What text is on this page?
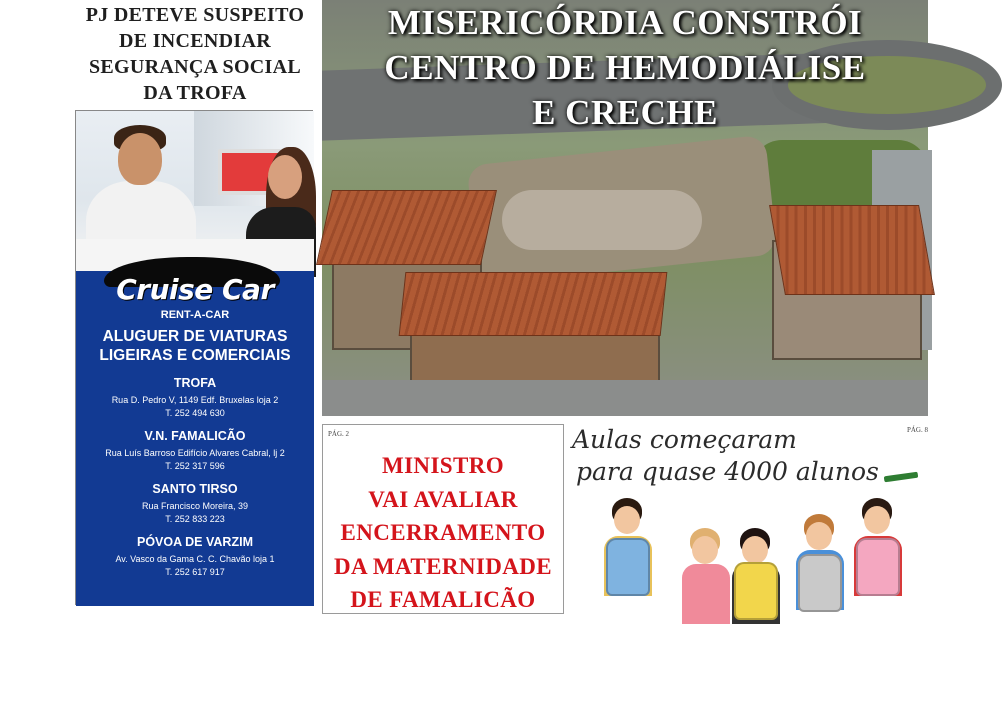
PJ DETEVE SUSPEITO
DE INCENDIAR
SEGURANÇA SOCIAL
DA TROFA
Cruise Car
RENT-A-CAR
ALUGUER DE VIATURAS
LIGEIRAS E COMERCIAIS
TROFA
Rua D. Pedro V, 1149 Edf. Bruxelas loja 2
T. 252 494 630
V.N. FAMALICÃO
Rua Luís Barroso Edifício Alvares Cabral, lj 2
T. 252 317 596
SANTO TIRSO
Rua Francisco Moreira, 39
T. 252 833 223
PÓVOA DE VARZIM
Av. Vasco da Gama C. C. Chavão loja 1
T. 252 617 917
ENTREGAS E RECOLHAS
NO AEROPORTO SÁ CARNEIRO
MISERICÓRDIA CONSTRÓI
CENTRO DE HEMODIÁLISE
E CRECHE
PÁG. 2
MINISTRO
VAI AVALIAR
ENCERRAMENTO
DA MATERNIDADE
DE FAMALICÃO
PÁG. 8
Aulas começaram
para quase 4000 alunos
